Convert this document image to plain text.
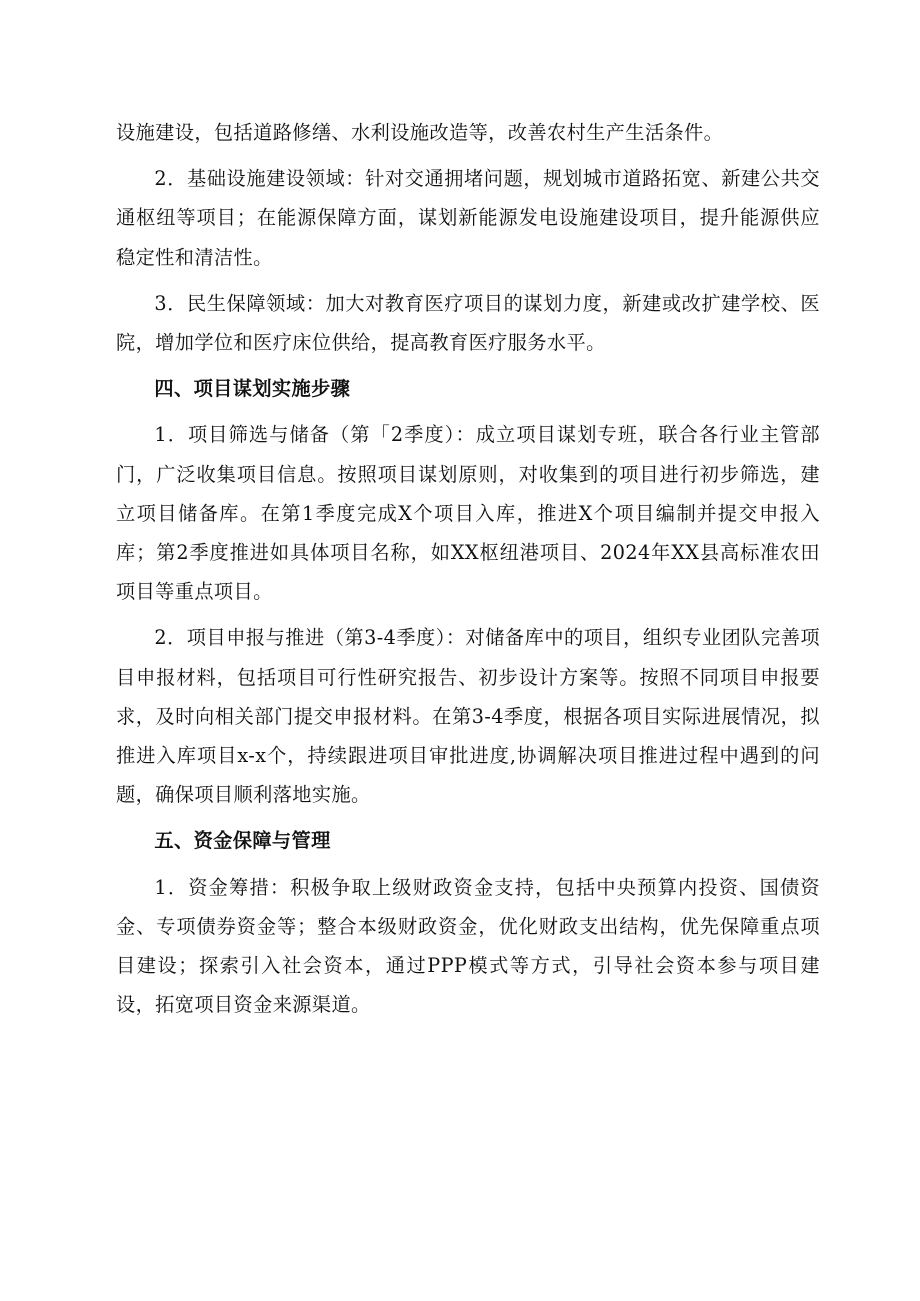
设施建设，包括道路修缮、水利设施改造等，改善农村生产生活条件。

2．基础设施建设领域：针对交通拥堵问题，规划城市道路拓宽、新建公共交通枢纽等项目；在能源保障方面，谋划新能源发电设施建设项目，提升能源供应稳定性和清洁性。

3．民生保障领域：加大对教育医疗项目的谋划力度，新建或改扩建学校、医院，增加学位和医疗床位供给，提高教育医疗服务水平。

四、项目谋划实施步骤

1．项目筛选与储备（第「2季度）：成立项目谋划专班，联合各行业主管部门，广泛收集项目信息。按照项目谋划原则，对收集到的项目进行初步筛选，建立项目储备库。在第1季度完成X个项目入库，推进X个项目编制并提交申报入库；第2季度推进如具体项目名称，如XX枢纽港项目、2024年XX县高标准农田项目等重点项目。

2．项目申报与推进（第3-4季度）：对储备库中的项目，组织专业团队完善项目申报材料，包括项目可行性研究报告、初步设计方案等。按照不同项目申报要求，及时向相关部门提交申报材料。在第3-4季度，根据各项目实际进展情况，拟推进入库项目x-x个，持续跟进项目审批进度,协调解决项目推进过程中遇到的问题，确保项目顺利落地实施。

五、资金保障与管理

1．资金筹措：积极争取上级财政资金支持，包括中央预算内投资、国债资金、专项债券资金等；整合本级财政资金，优化财政支出结构，优先保障重点项目建设；探索引入社会资本，通过PPP模式等方式，引导社会资本参与项目建设，拓宽项目资金来源渠道。
